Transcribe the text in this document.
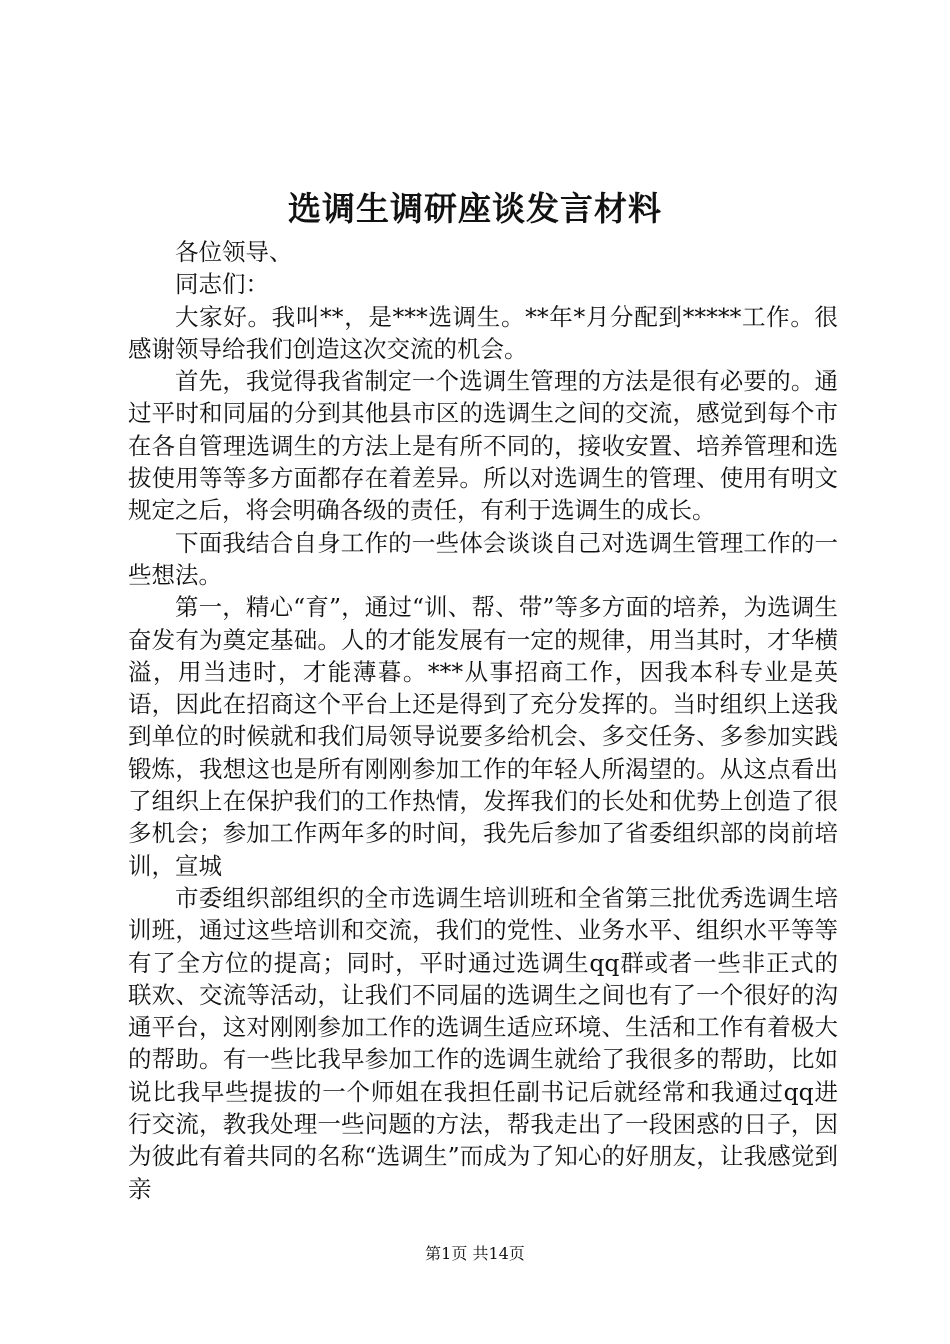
选调生调研座谈发言材料

各位领导、

同志们：

大家好。我叫**，是***选调生。**年*月分配到*****工作。很感谢领导给我们创造这次交流的机会。

首先，我觉得我省制定一个选调生管理的方法是很有必要的。通过平时和同届的分到其他县市区的选调生之间的交流，感觉到每个市在各自管理选调生的方法上是有所不同的，接收安置、培养管理和选拔使用等等多方面都存在着差异。所以对选调生的管理、使用有明文规定之后，将会明确各级的责任，有利于选调生的成长。

下面我结合自身工作的一些体会谈谈自己对选调生管理工作的一些想法。

第一，精心“育”，通过“训、帮、带”等多方面的培养，为选调生奋发有为奠定基础。人的才能发展有一定的规律，用当其时，才华横溢，用当违时，才能薄暮。***从事招商工作，因我本科专业是英语，因此在招商这个平台上还是得到了充分发挥的。当时组织上送我到单位的时候就和我们局领导说要多给机会、多交任务、多参加实践锻炼，我想这也是所有刚刚参加工作的年轻人所渴望的。从这点看出了组织上在保护我们的工作热情，发挥我们的长处和优势上创造了很多机会；参加工作两年多的时间，我先后参加了省委组织部的岗前培训，宣城

市委组织部组织的全市选调生培训班和全省第三批优秀选调生培训班，通过这些培训和交流，我们的党性、业务水平、组织水平等等有了全方位的提高；同时，平时通过选调生qq群或者一些非正式的联欢、交流等活动，让我们不同届的选调生之间也有了一个很好的沟通平台，这对刚刚参加工作的选调生适应环境、生活和工作有着极大的帮助。有一些比我早参加工作的选调生就给了我很多的帮助，比如说比我早些提拔的一个师姐在我担任副书记后就经常和我通过qq进行交流，教我处理一些问题的方法，帮我走出了一段困惑的日子，因为彼此有着共同的名称“选调生”而成为了知心的好朋友，让我感觉到亲

第1页 共14页
